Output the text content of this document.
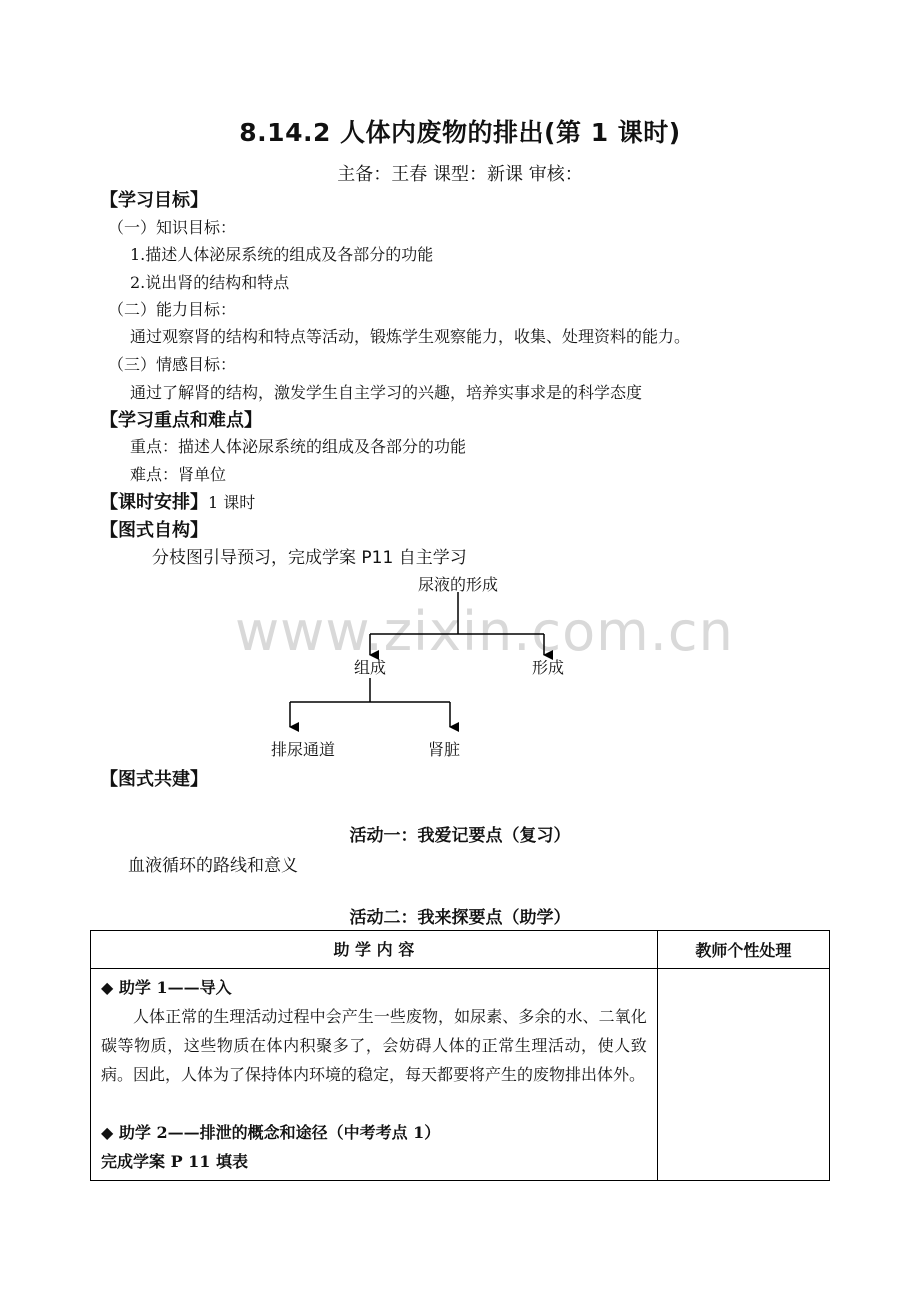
8.14.2 人体内废物的排出(第 1 课时)
主备：王春 课型：新课 审核：
【学习目标】
（一）知识目标：
1.描述人体泌尿系统的组成及各部分的功能
2.说出肾的结构和特点
（二）能力目标：
通过观察肾的结构和特点等活动，锻炼学生观察能力，收集、处理资料的能力。
（三）情感目标：
通过了解肾的结构，激发学生自主学习的兴趣，培养实事求是的科学态度
【学习重点和难点】
重点：描述人体泌尿系统的组成及各部分的功能
难点：肾单位
【课时安排】1 课时
【图式自构】
分枝图引导预习，完成学案 P11 自主学习
www.zixin.com.cn
尿液的形成
组成	形成
排尿通道	肾脏
【图式共建】
活动一：我爱记要点（复习）
血液循环的路线和意义
活动二：我来探要点（助学）
助 学 内 容	教师个性处理

◆ 助学 1——导入
人体正常的生理活动过程中会产生一些废物，如尿素、多余的水、二氧化碳等物质，这些物质在体内积聚多了，会妨碍人体的正常生理活动，使人致病。因此，人体为了保持体内环境的稳定，每天都要将产生的废物排出体外。
◆ 助学 2——排泄的概念和途径（中考考点 1）
完成学案 P 11 填表	
